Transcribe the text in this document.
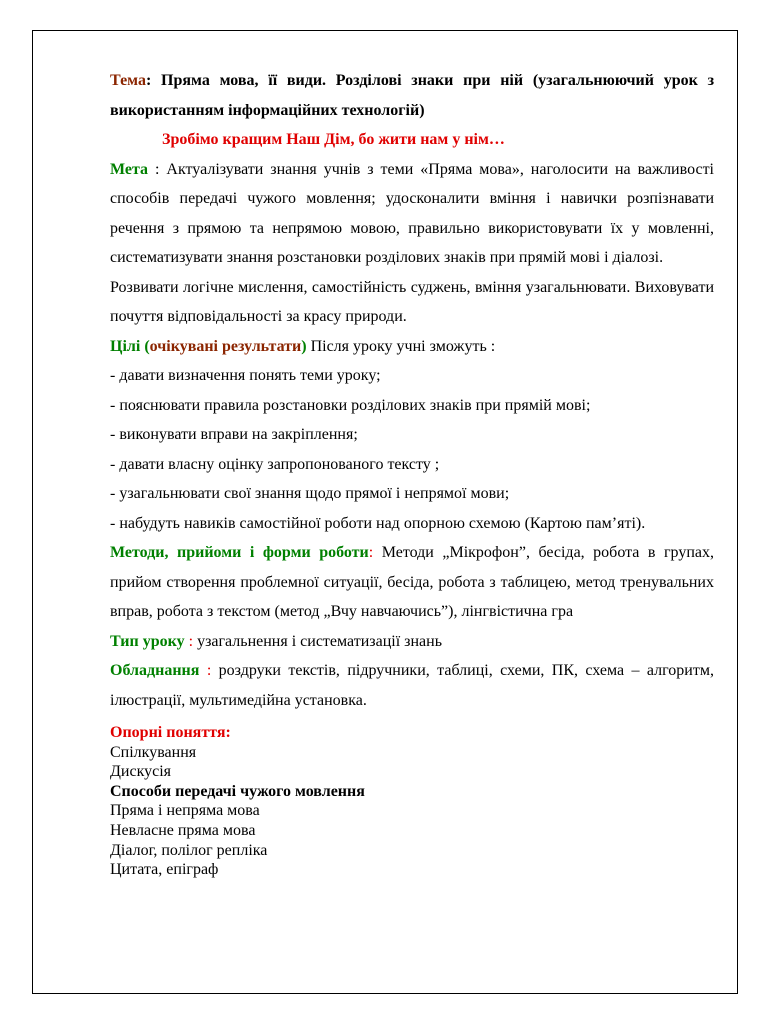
Тема: Пряма мова, її види. Розділові знаки при ній (узагальнюючий урок з використанням інформаційних технологій)

Зробімо кращим Наш Дім, бо жити нам у нім…

Мета : Актуалізувати знання учнів з теми «Пряма мова», наголосити на важливості способів передачі чужого мовлення; удосконалити вміння і навички розпізнавати речення з прямою та непрямою мовою, правильно використовувати їх у мовленні, систематизувати знання розстановки розділових знаків при прямій мові і діалозі.

Розвивати логічне мислення, самостійність суджень, вміння узагальнювати. Виховувати почуття відповідальності за красу природи.

Цілі (очікувані результати) Після уроку учні зможуть :

- давати визначення понять теми уроку;

- пояснювати правила розстановки розділових знаків при прямій мові;

- виконувати вправи на закріплення;

- давати власну оцінку запропонованого тексту ;

- узагальнювати свої знання щодо прямої і непрямої мови;

- набудуть навиків самостійної роботи над опорною схемою (Картою пам’яті).

Методи, прийоми і форми роботи: Методи „Мікрофон”, бесіда, робота в групах, прийом створення проблемної ситуації, бесіда, робота з таблицею, метод тренувальних вправ, робота з текстом (метод „Вчу навчаючись”), лінгвістична гра

Тип уроку : узагальнення і систематизації знань

Обладнання : роздруки текстів, підручники, таблиці, схеми, ПК, схема – алгоритм, ілюстрації, мультимедійна установка.

Опорні поняття:

Спілкування

Дискусія

Способи передачі чужого мовлення

Пряма і непряма мова

Невласне пряма мова

Діалог, полілог репліка

Цитата, епіграф
